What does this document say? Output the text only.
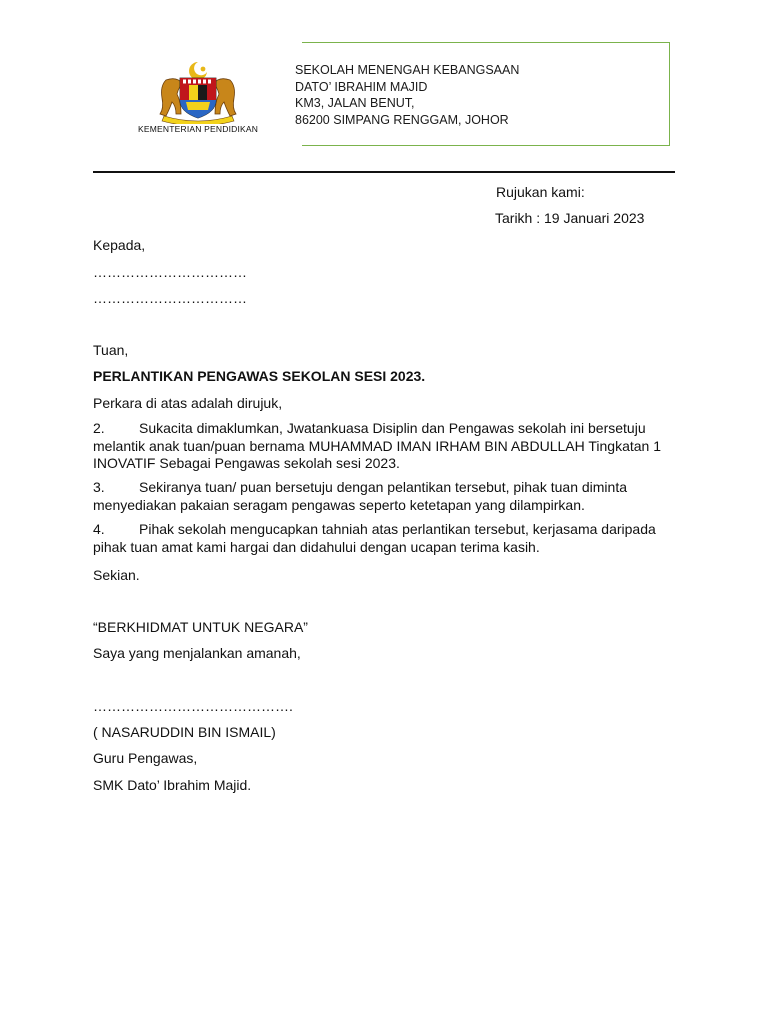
KEMENTERIAN PENDIDIKAN
SEKOLAH MENENGAH KEBANGSAAN
DATO’ IBRAHIM MAJID
KM3, JALAN BENUT,
86200 SIMPANG RENGGAM, JOHOR
Rujukan kami:
Tarikh : 19 Januari 2023
Kepada,
……………………………
……………………………
Tuan,
PERLANTIKAN PENGAWAS SEKOLAN SESI 2023.
Perkara di atas adalah dirujuk,
2. Sukacita dimaklumkan, Jwatankuasa Disiplin dan Pengawas sekolah ini bersetuju melantik anak tuan/puan bernama MUHAMMAD IMAN IRHAM BIN ABDULLAH Tingkatan 1 INOVATIF Sebagai Pengawas sekolah sesi 2023.
3. Sekiranya tuan/ puan bersetuju dengan pelantikan tersebut, pihak tuan diminta menyediakan pakaian seragam pengawas seperto ketetapan yang dilampirkan.
4. Pihak sekolah mengucapkan tahniah atas perlantikan tersebut, kerjasama daripada pihak tuan amat kami hargai dan didahului dengan ucapan terima kasih.
Sekian.
“BERKHIDMAT UNTUK NEGARA”
Saya yang menjalankan amanah,
…………………………………….
( NASARUDDIN BIN ISMAIL)
Guru Pengawas,
SMK Dato’ Ibrahim Majid.
